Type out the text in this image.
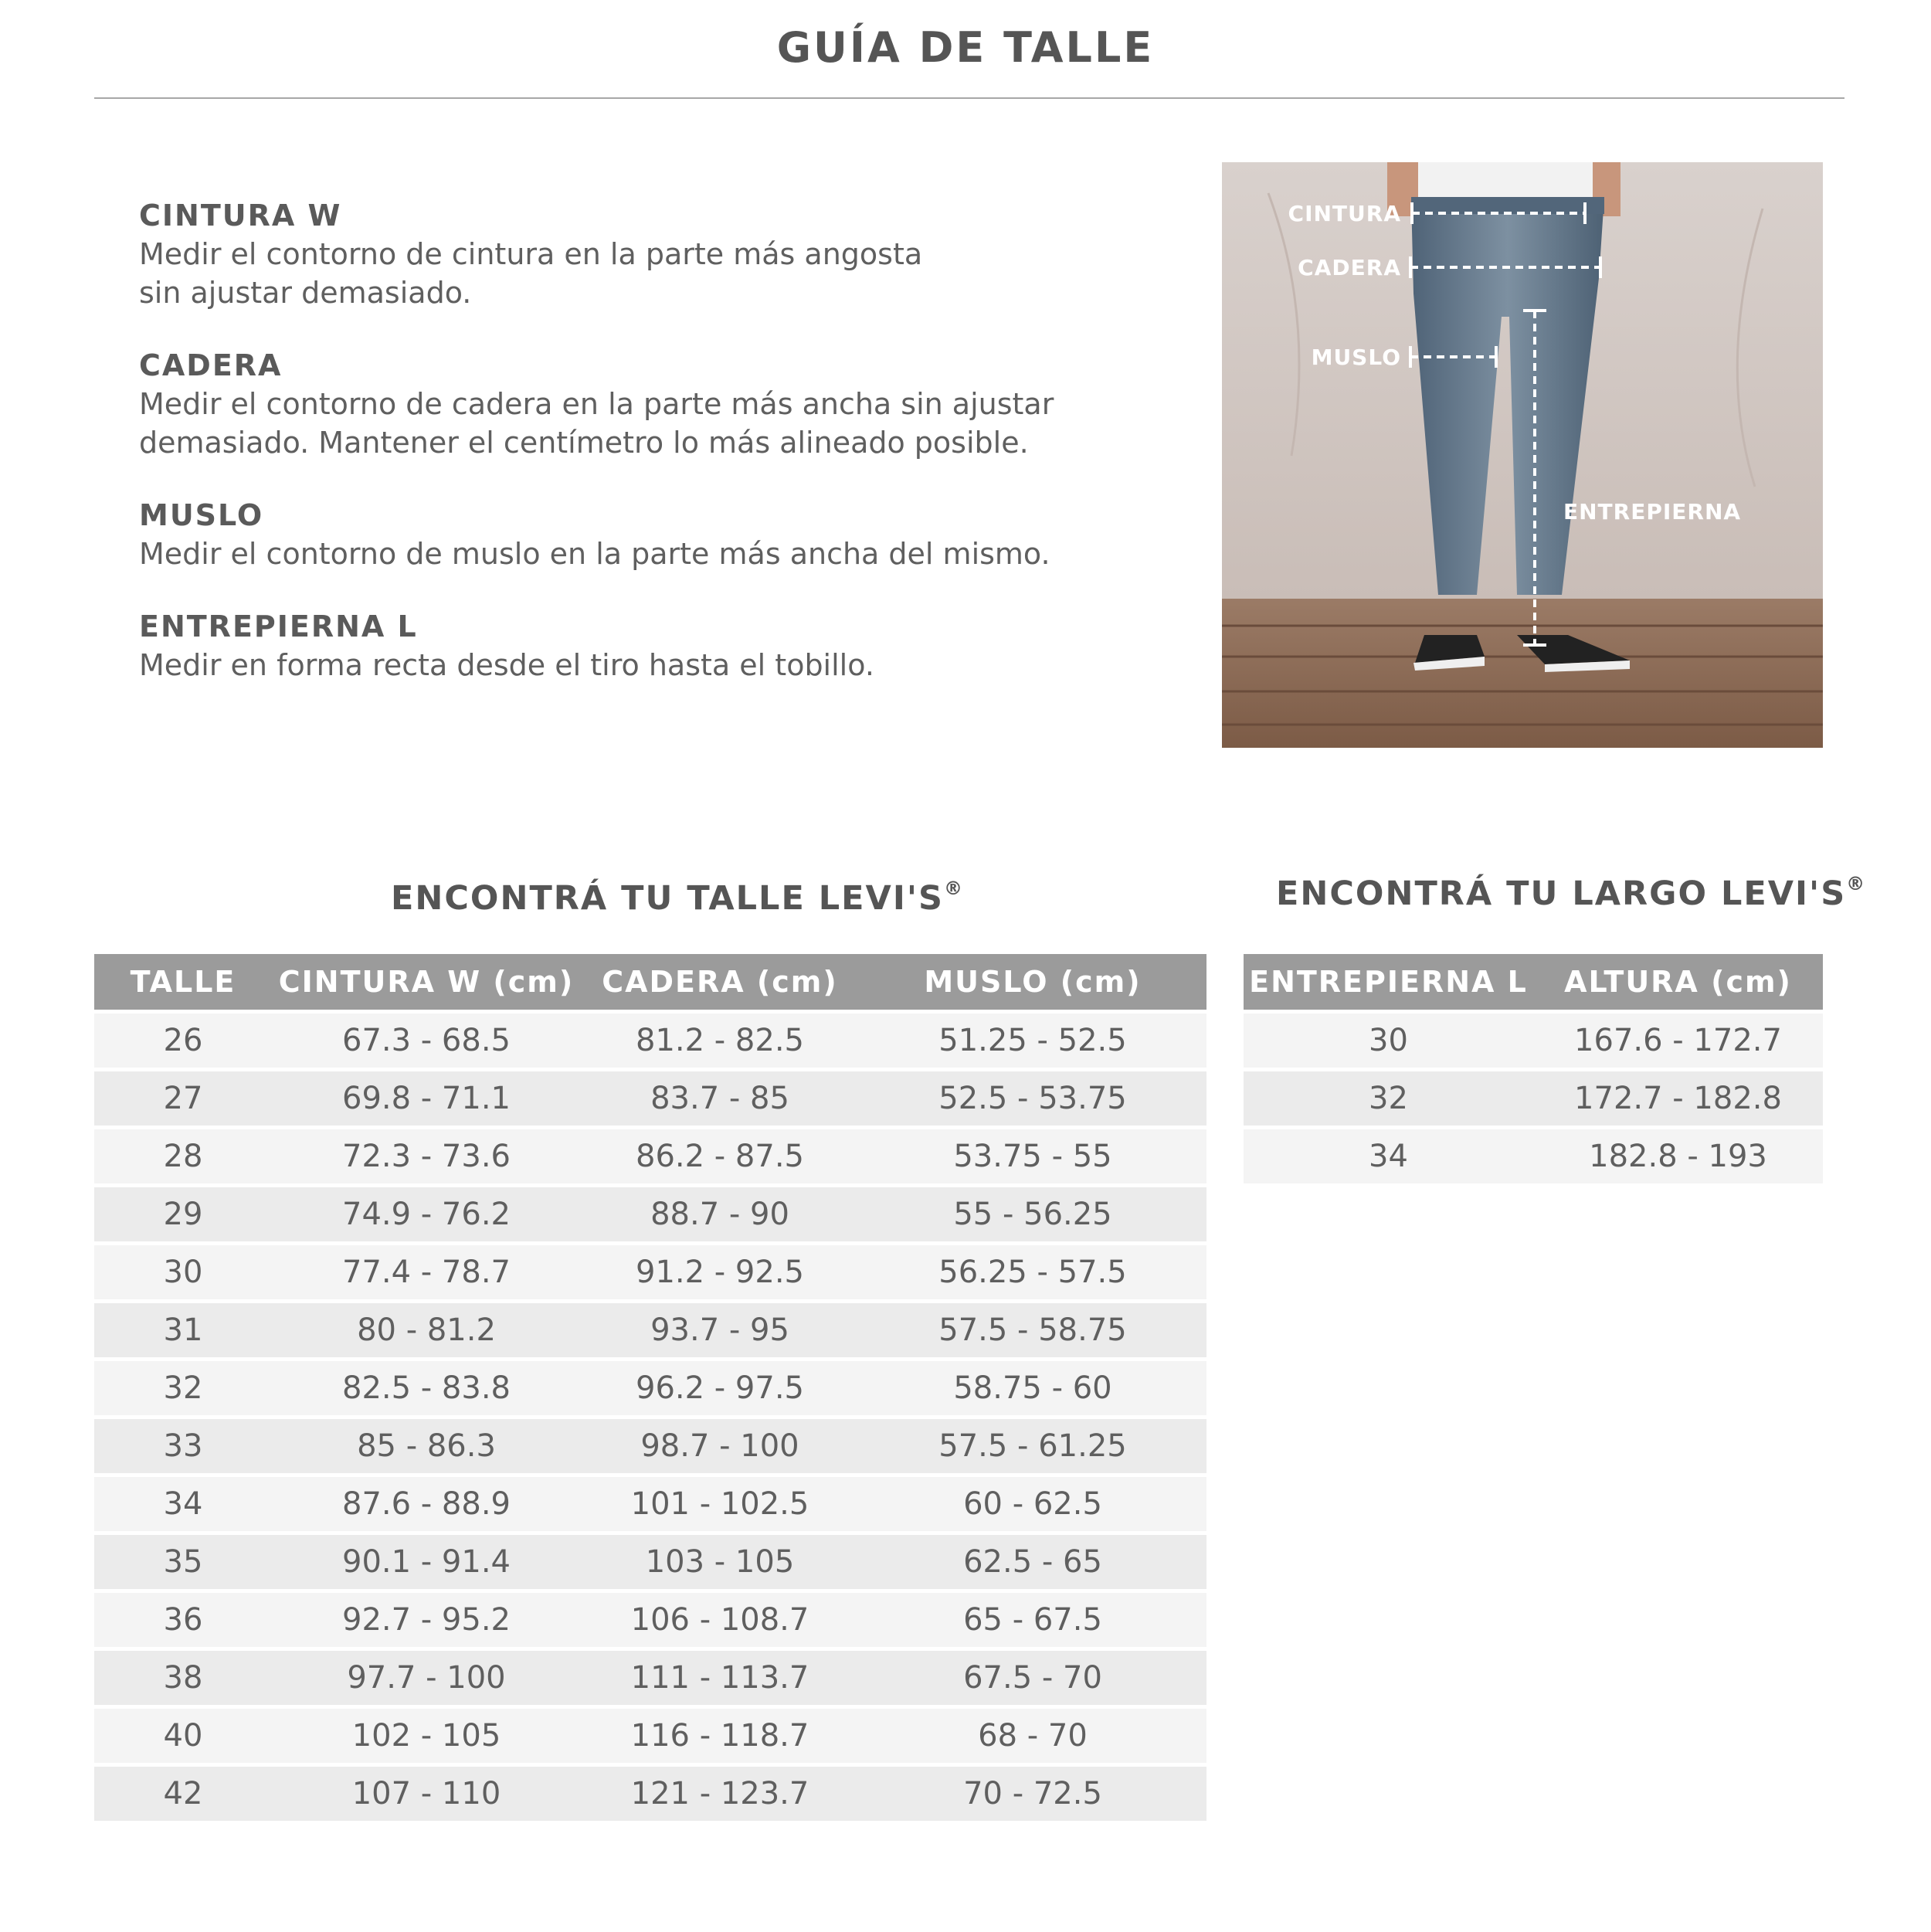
GUÍA DE TALLE
CINTURA W

Medir el contorno de cintura en la parte más angosta

sin ajustar demasiado.

CADERA

Medir el contorno de cadera en la parte más ancha sin ajustar

demasiado. Mantener el centímetro lo más alineado posible.

MUSLO

Medir el contorno de muslo en la parte más ancha del mismo.

ENTREPIERNA L

Medir en forma recta desde el tiro hasta el tobillo.

CINTURA
CADERA
MUSLO
ENTREPIERNA
ENCONTRÁ TU TALLE LEVI'S®	ENCONTRÁ TU LARGO LEVI'S®
TALLE	CINTURA W (cm)	CADERA (cm)	MUSLO (cm)
26	67.3 - 68.5	81.2 - 82.5	51.25 - 52.5
27	69.8 - 71.1	83.7 - 85	52.5 - 53.75
28	72.3 - 73.6	86.2 - 87.5	53.75 - 55
29	74.9 - 76.2	88.7 - 90	55 - 56.25
30	77.4 - 78.7	91.2 - 92.5	56.25 - 57.5
31	80 - 81.2	93.7 - 95	57.5 - 58.75
32	82.5 - 83.8	96.2 - 97.5	58.75 - 60
33	85 - 86.3	98.7 - 100	57.5 - 61.25
34	87.6 - 88.9	101 - 102.5	60 - 62.5
35	90.1 - 91.4	103 - 105	62.5 - 65
36	92.7 - 95.2	106 - 108.7	65 - 67.5
38	97.7 - 100	111 - 113.7	67.5 - 70
40	102 - 105	116 - 118.7	68 - 70
42	107 - 110	121 - 123.7	70 - 72.5
ENTREPIERNA L	ALTURA (cm)
30	167.6 - 172.7
32	172.7 - 182.8
34	182.8 - 193
